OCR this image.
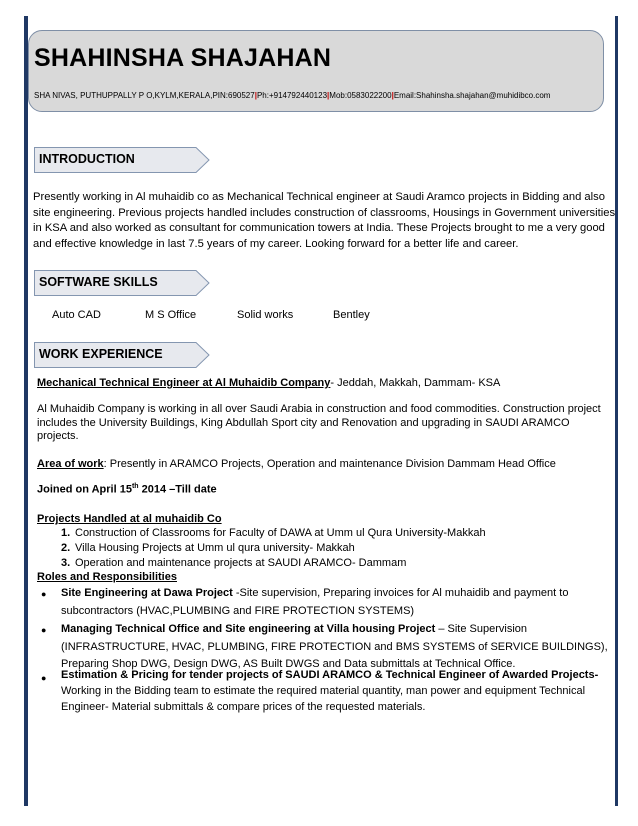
SHAHINSHA SHAJAHAN
SHA NIVAS, PUTHUPPALLY P O,KYLM,KERALA,PIN:690527|Ph:+914792440123|Mob:0583022200|Email:Shahinsha.shajahan@muhidibco.com
INTRODUCTION
Presently working in Al muhaidib co as Mechanical Technical engineer at Saudi Aramco projects in Bidding and also site engineering. Previous projects handled includes construction of classrooms, Housings in Government universities in KSA and also worked as consultant for communication towers at India. These Projects brought to me a very good and effective knowledge in last 7.5 years of my career. Looking forward for a better life and career.
SOFTWARE SKILLS
Auto CAD	M S Office	Solid works	Bentley
WORK EXPERIENCE
Mechanical Technical Engineer at Al Muhaidib Company- Jeddah, Makkah, Dammam- KSA
Al Muhaidib Company is working in all over Saudi Arabia in construction and food commodities. Construction project includes the University Buildings, King Abdullah Sport city and Renovation and upgrading in SAUDI ARAMCO projects.
Area of work: Presently in ARAMCO Projects, Operation and maintenance Division Dammam Head Office
Joined on April 15th 2014 –Till date
Projects Handled at al muhaidib Co
1. Construction of Classrooms for Faculty of DAWA at Umm ul Qura University-Makkah
2. Villa Housing Projects at Umm ul qura university- Makkah
3. Operation and maintenance projects at SAUDI ARAMCO- Dammam
Roles and Responsibilities
● Site Engineering at Dawa Project -Site supervision, Preparing invoices for Al muhaidib and payment to subcontractors (HVAC,PLUMBING and FIRE PROTECTION SYSTEMS)
● Managing Technical Office and Site engineering at Villa housing Project – Site Supervision (INFRASTRUCTURE, HVAC, PLUMBING, FIRE PROTECTION and BMS SYSTEMS of SERVICE BUILDINGS), Preparing Shop DWG, Design DWG, AS Built DWGS and Data submittals at Technical Office.
● Estimation & Pricing for tender projects of SAUDI ARAMCO & Technical Engineer of Awarded Projects-
Working in the Bidding team to estimate the required material quantity, man power and equipment Technical Engineer- Material submittals & compare prices of the requested materials.
